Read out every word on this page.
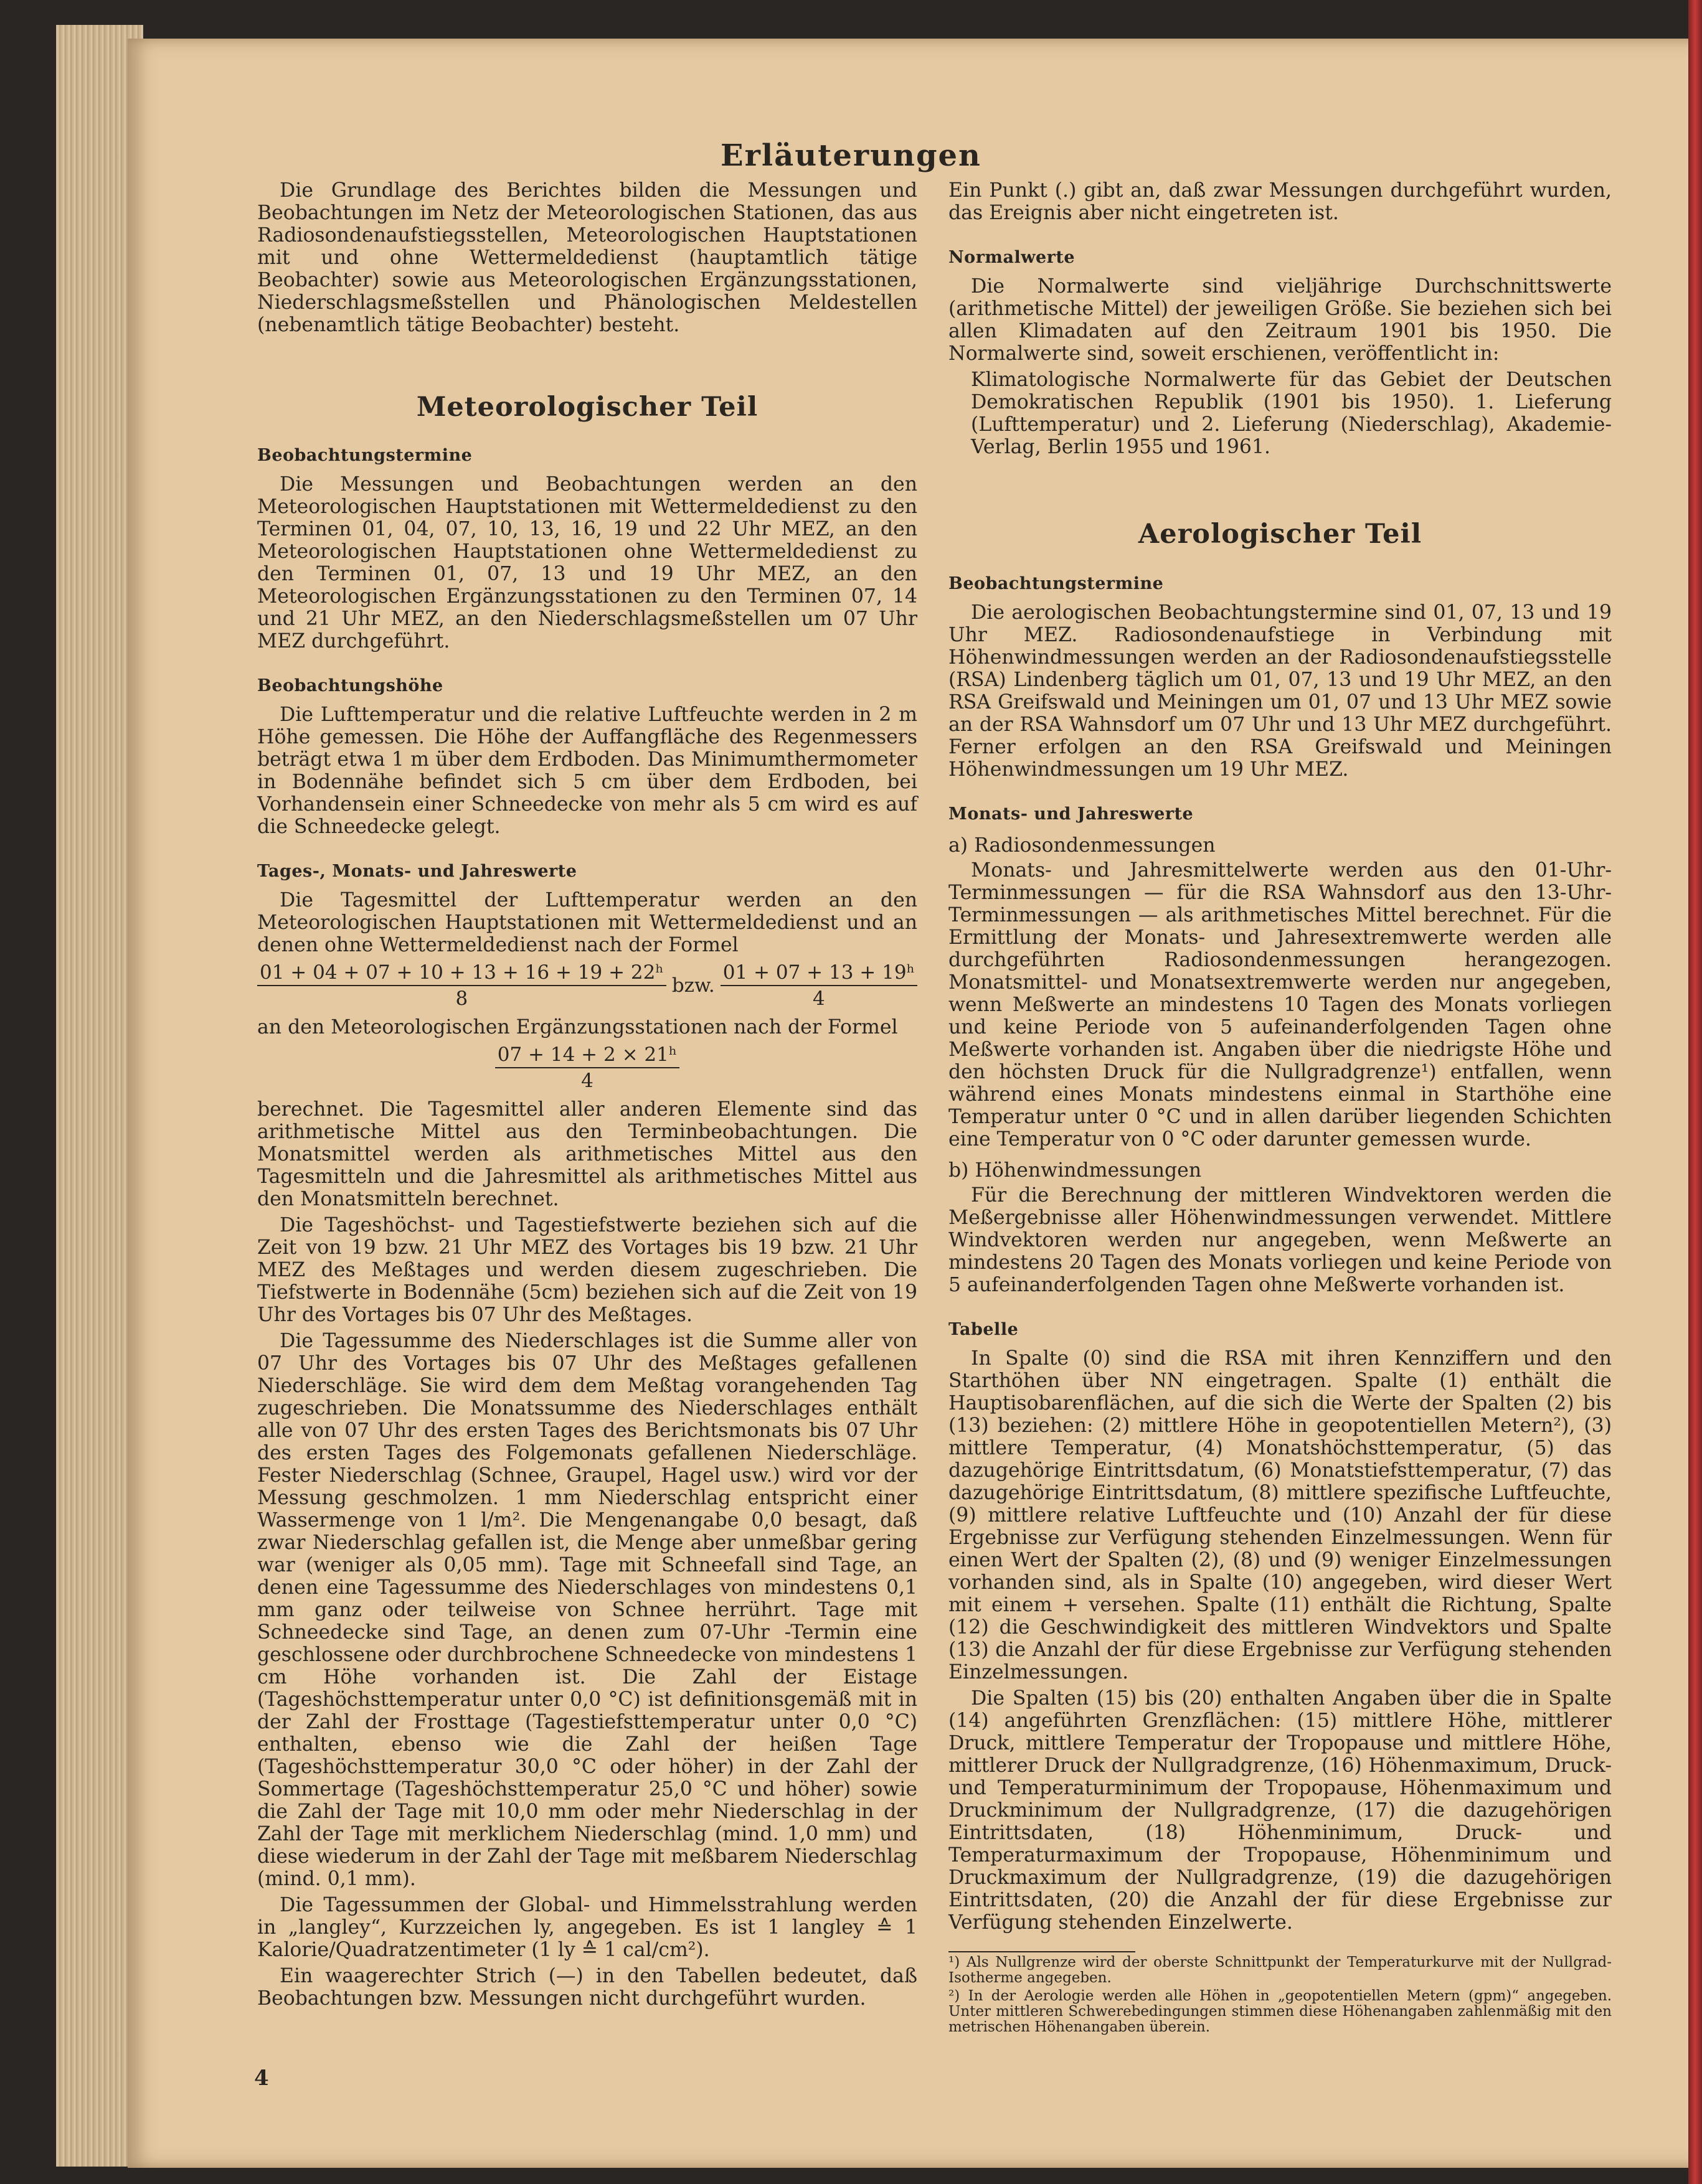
Erläuterungen

Die Grundlage des Berichtes bilden die Messungen und Beobachtungen im Netz der Meteorologischen Stationen, das aus Radiosondenaufstiegsstellen, Meteorologischen Hauptstationen mit und ohne Wettermeldedienst (hauptamtlich tätige Beobachter) sowie aus Meteorologischen Ergänzungsstationen, Niederschlagsmeßstellen und Phänologischen Meldestellen (nebenamtlich tätige Beobachter) besteht.

Meteorologischer Teil
Beobachtungstermine

Die Messungen und Beobachtungen werden an den Meteorologischen Hauptstationen mit Wettermeldedienst zu den Terminen 01, 04, 07, 10, 13, 16, 19 und 22 Uhr MEZ, an den Meteorologischen Hauptstationen ohne Wettermeldedienst zu den Terminen 01, 07, 13 und 19 Uhr MEZ, an den Meteorologischen Ergänzungsstationen zu den Terminen 07, 14 und 21 Uhr MEZ, an den Niederschlagsmeßstellen um 07 Uhr MEZ durchgeführt.

Beobachtungshöhe

Die Lufttemperatur und die relative Luftfeuchte werden in 2 m Höhe gemessen. Die Höhe der Auffangfläche des Regenmessers beträgt etwa 1 m über dem Erdboden. Das Minimumthermometer in Bodennähe befindet sich 5 cm über dem Erdboden, bei Vorhandensein einer Schneedecke von mehr als 5 cm wird es auf die Schneedecke gelegt.

Tages-, Monats- und Jahreswerte

Die Tagesmittel der Lufttemperatur werden an den Meteorologischen Hauptstationen mit Wettermeldedienst und an denen ohne Wettermeldedienst nach der Formel

$\frac{\text{01 + 04 + 07 + 10 + 13 + 16 + 19 + 22ʰ}}{8}$ bzw. $\frac{\text{01 + 07 + 13 + 19ʰ}}{4}$

an den Meteorologischen Ergänzungsstationen nach der Formel

$\frac{\text{07 + 14 + 2 × 21ʰ}}{4}$

berechnet. Die Tagesmittel aller anderen Elemente sind das arithmetische Mittel aus den Terminbeobachtungen. Die Monatsmittel werden als arithmetisches Mittel aus den Tagesmitteln und die Jahresmittel als arithmetisches Mittel aus den Monatsmitteln berechnet.

Die Tageshöchst- und Tagestiefstwerte beziehen sich auf die Zeit von 19 bzw. 21 Uhr MEZ des Vortages bis 19 bzw. 21 Uhr MEZ des Meßtages und werden diesem zugeschrieben. Die Tiefstwerte in Bodennähe (5cm) beziehen sich auf die Zeit von 19 Uhr des Vortages bis 07 Uhr des Meßtages.

Die Tagessumme des Niederschlages ist die Summe aller von 07 Uhr des Vortages bis 07 Uhr des Meßtages gefallenen Niederschläge. Sie wird dem dem Meßtag vorangehenden Tag zugeschrieben. Die Monatssumme des Niederschlages enthält alle von 07 Uhr des ersten Tages des Berichtsmonats bis 07 Uhr des ersten Tages des Folgemonats gefallenen Niederschläge. Fester Niederschlag (Schnee, Graupel, Hagel usw.) wird vor der Messung geschmolzen. 1 mm Niederschlag entspricht einer Wassermenge von 1 l/m². Die Mengenangabe 0,0 besagt, daß zwar Niederschlag gefallen ist, die Menge aber unmeßbar gering war (weniger als 0,05 mm). Tage mit Schneefall sind Tage, an denen eine Tagessumme des Niederschlages von mindestens 0,1 mm ganz oder teilweise von Schnee herrührt. Tage mit Schneedecke sind Tage, an denen zum 07-Uhr -Termin eine geschlossene oder durchbrochene Schneedecke von mindestens 1 cm Höhe vorhanden ist. Die Zahl der Eistage (Tageshöchsttemperatur unter 0,0 °C) ist definitionsgemäß mit in der Zahl der Frosttage (Tagestiefsttemperatur unter 0,0 °C) enthalten, ebenso wie die Zahl der heißen Tage (Tageshöchsttemperatur 30,0 °C oder höher) in der Zahl der Sommertage (Tageshöchsttemperatur 25,0 °C und höher) sowie die Zahl der Tage mit 10,0 mm oder mehr Niederschlag in der Zahl der Tage mit merklichem Niederschlag (mind. 1,0 mm) und diese wiederum in der Zahl der Tage mit meßbarem Niederschlag (mind. 0,1 mm).

Die Tagessummen der Global- und Himmelsstrahlung werden in „langley“, Kurzzeichen ly, angegeben. Es ist 1 langley ≙ 1 Kalorie/Quadratzentimeter (1 ly ≙ 1 cal/cm²).

Ein waagerechter Strich (—) in den Tabellen bedeutet, daß Beobachtungen bzw. Messungen nicht durchgeführt wurden.

Ein Punkt (.) gibt an, daß zwar Messungen durchgeführt wurden, das Ereignis aber nicht eingetreten ist.

Normalwerte

Die Normalwerte sind vieljährige Durchschnittswerte (arithmetische Mittel) der jeweiligen Größe. Sie beziehen sich bei allen Klimadaten auf den Zeitraum 1901 bis 1950. Die Normalwerte sind, soweit erschienen, veröffentlicht in:

Klimatologische Normalwerte für das Gebiet der Deutschen Demokratischen Republik (1901 bis 1950). 1. Lieferung (Lufttemperatur) und 2. Lieferung (Niederschlag), Akademie-Verlag, Berlin 1955 und 1961.

Aerologischer Teil
Beobachtungstermine

Die aerologischen Beobachtungstermine sind 01, 07, 13 und 19 Uhr MEZ. Radiosondenaufstiege in Verbindung mit Höhenwindmessungen werden an der Radiosondenaufstiegsstelle (RSA) Lindenberg täglich um 01, 07, 13 und 19 Uhr MEZ, an den RSA Greifswald und Meiningen um 01, 07 und 13 Uhr MEZ sowie an der RSA Wahnsdorf um 07 Uhr und 13 Uhr MEZ durchgeführt. Ferner erfolgen an den RSA Greifswald und Meiningen Höhenwindmessungen um 19 Uhr MEZ.

Monats- und Jahreswerte

a) Radiosondenmessungen

Monats- und Jahresmittelwerte werden aus den 01-Uhr-Terminmessungen — für die RSA Wahnsdorf aus den 13-Uhr-Terminmessungen — als arithmetisches Mittel berechnet. Für die Ermittlung der Monats- und Jahresextremwerte werden alle durchgeführten Radiosondenmessungen herangezogen. Monatsmittel- und Monatsextremwerte werden nur angegeben, wenn Meßwerte an mindestens 10 Tagen des Monats vorliegen und keine Periode von 5 aufeinanderfolgenden Tagen ohne Meßwerte vorhanden ist. Angaben über die niedrigste Höhe und den höchsten Druck für die Nullgradgrenze¹) entfallen, wenn während eines Monats mindestens einmal in Starthöhe eine Temperatur unter 0 °C und in allen darüber liegenden Schichten eine Temperatur von 0 °C oder darunter gemessen wurde.

b) Höhenwindmessungen

Für die Berechnung der mittleren Windvektoren werden die Meßergebnisse aller Höhenwindmessungen verwendet. Mittlere Windvektoren werden nur angegeben, wenn Meßwerte an mindestens 20 Tagen des Monats vorliegen und keine Periode von 5 aufeinanderfolgenden Tagen ohne Meßwerte vorhanden ist.

Tabelle

In Spalte (0) sind die RSA mit ihren Kennziffern und den Starthöhen über NN eingetragen. Spalte (1) enthält die Hauptisobarenflächen, auf die sich die Werte der Spalten (2) bis (13) beziehen: (2) mittlere Höhe in geopotentiellen Metern²), (3) mittlere Temperatur, (4) Monatshöchsttemperatur, (5) das dazugehörige Eintrittsdatum, (6) Monatstiefsttemperatur, (7) das dazugehörige Eintrittsdatum, (8) mittlere spezifische Luftfeuchte, (9) mittlere relative Luftfeuchte und (10) Anzahl der für diese Ergebnisse zur Verfügung stehenden Einzelmessungen. Wenn für einen Wert der Spalten (2), (8) und (9) weniger Einzelmessungen vorhanden sind, als in Spalte (10) angegeben, wird dieser Wert mit einem + versehen. Spalte (11) enthält die Richtung, Spalte (12) die Geschwindigkeit des mittleren Windvektors und Spalte (13) die Anzahl der für diese Ergebnisse zur Verfügung stehenden Einzelmessungen.

Die Spalten (15) bis (20) enthalten Angaben über die in Spalte (14) angeführten Grenzflächen: (15) mittlere Höhe, mittlerer Druck, mittlere Temperatur der Tropopause und mittlere Höhe, mittlerer Druck der Nullgradgrenze, (16) Höhenmaximum, Druck- und Temperaturminimum der Tropopause, Höhenmaximum und Druckminimum der Nullgradgrenze, (17) die dazugehörigen Eintrittsdaten, (18) Höhenminimum, Druck- und Temperaturmaximum der Tropopause, Höhenminimum und Druckmaximum der Nullgradgrenze, (19) die dazugehörigen Eintrittsdaten, (20) die Anzahl der für diese Ergebnisse zur Verfügung stehenden Einzelwerte.

¹) Als Nullgrenze wird der oberste Schnittpunkt der Temperaturkurve mit der Nullgrad-Isotherme angegeben.

²) In der Aerologie werden alle Höhen in „geopotentiellen Metern (gpm)“ angegeben. Unter mittleren Schwerebedingungen stimmen diese Höhenangaben zahlenmäßig mit den metrischen Höhenangaben überein.

4
